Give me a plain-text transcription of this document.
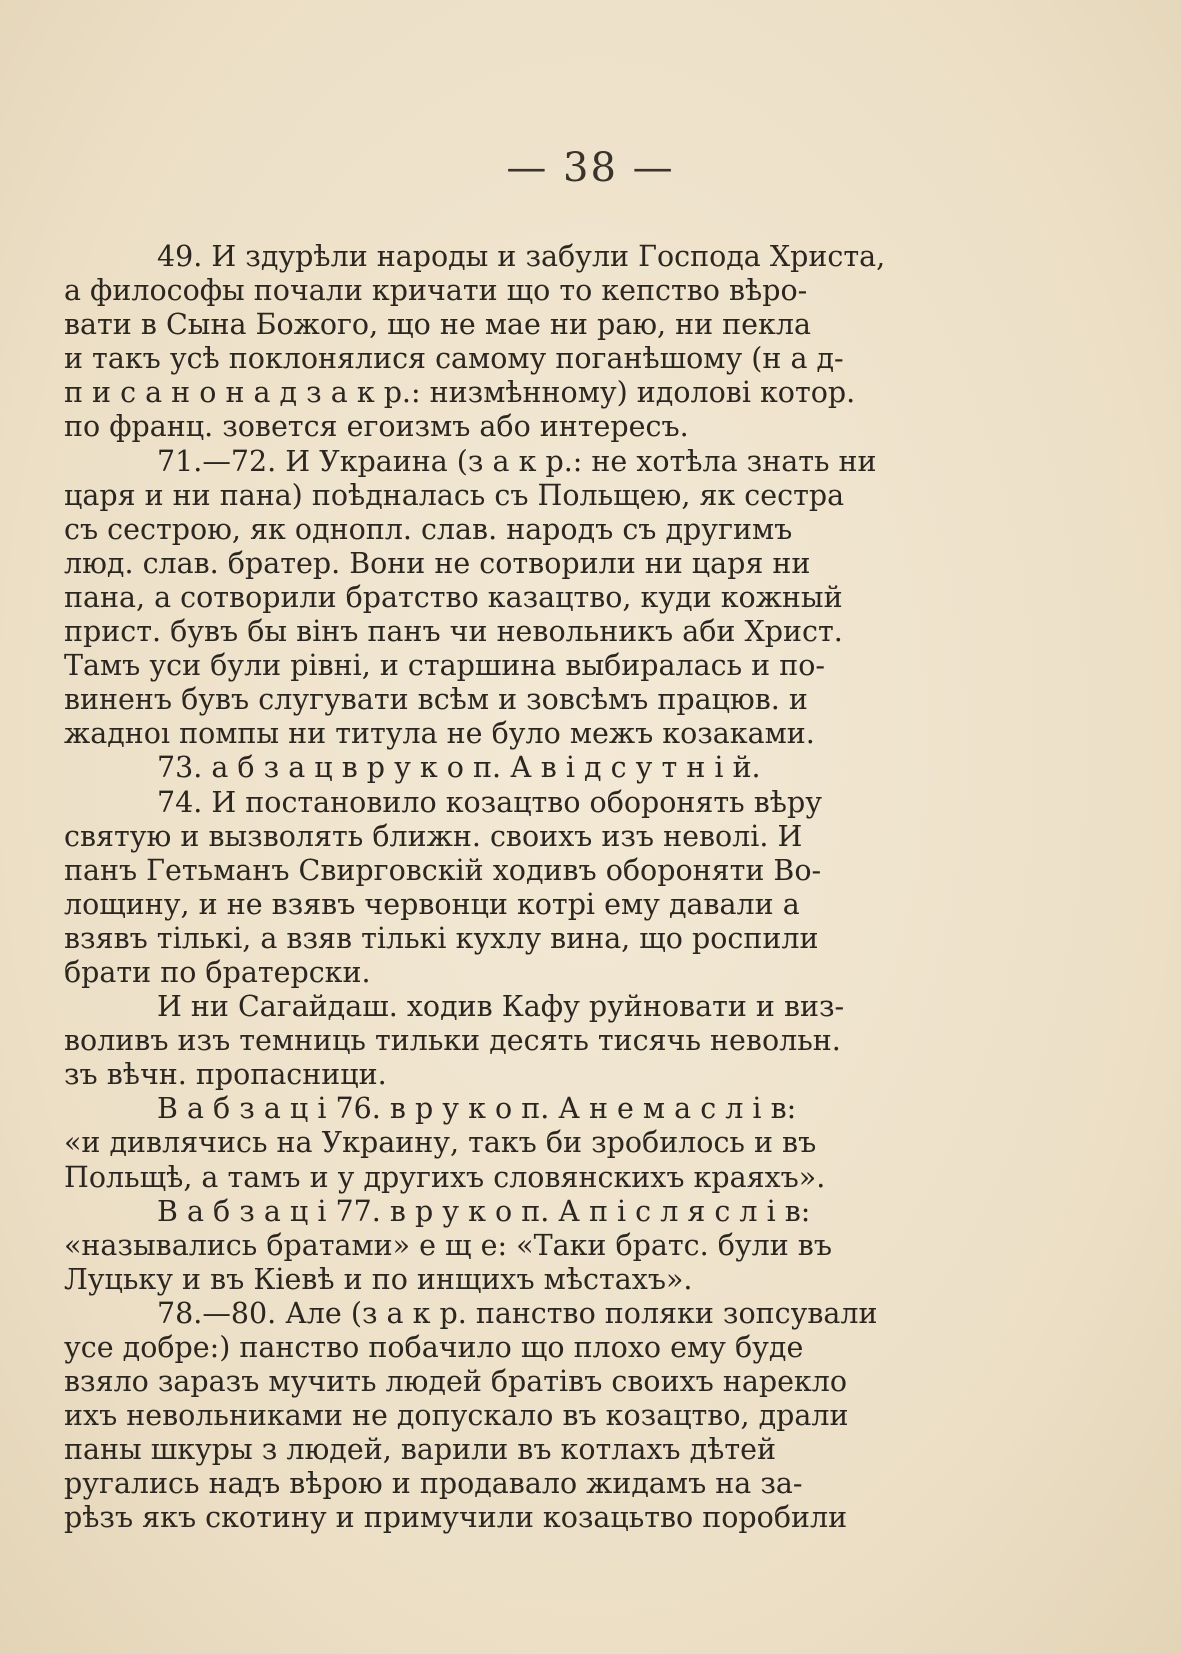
— 38 —
49. И здурѣли народы и забули Господа Христа,
а философы почали кричати що то кепство вѣро-
вати в Сына Божого, що не мае ни раю, ни пекла
и такъ усѣ поклонялися самому поганѣшому (н а д-
п и с а н о н а д з а к р.: низмѣнному) идолові котор.
по франц. зовется егоизмъ або интересъ.
71.—72. И Украина (з а к р.: не хотѣла знать ни
царя и ни пана) поѣдналась съ Польщею, як сестра
съ сестрою, як однопл. слав. народъ съ другимъ
люд. слав. братер. Вони не сотворили ни царя ни
пана, а сотворили братство казацтво, куди кожный
прист. бувъ бы вінъ панъ чи невольникъ аби Христ.
Тамъ уси були рівні, и старшина выбиралась и по-
виненъ бувъ слугувати всѣм и зовсѣмъ працюв. и
жадноı помпы ни титула не було межъ козаками.
73. а б з а ц в р у к о п. А в і д с у т н і й.
74. И постановило козацтво оборонять вѣру
святую и вызволять ближн. своихъ изъ неволі. И
панъ Гетьманъ Свирговскій ходивъ обороняти Во-
лощину, и не взявъ червонци котрі ему давали а
взявъ тількі, а взяв тількі кухлу вина, що роспили
брати по братерски.
И ни Сагайдаш. ходив Кафу руйновати и виз-
воливъ изъ темниць тильки десять тисячь невольн.
зъ вѣчн. пропасници.
В а б з а ц і 76. в р у к о п. А н е м а с л і в:
«и дивлячись на Украину, такъ би зробилось и въ
Польщѣ, а тамъ и у другихъ словянскихъ краяхъ».
В а б з а ц і 77. в р у к о п. А п і с л я с л і в:
«назывались братами» е щ е: «Таки братс. були въ
Луцьку и въ Кіевѣ и по инщихъ мѣстахъ».
78.—80. Але (з а к р. панство поляки зопсували
усе добре:) панство побачило що плохо ему буде
взяло заразъ мучить людей братівъ своихъ нарекло
ихъ невольниками не допускало въ козацтво, драли
паны шкуры з людей, варили въ котлахъ дѣтей
ругались надъ вѣрою и продавало жидамъ на за-
рѣзъ якъ скотину и примучили козацьтво поробили
